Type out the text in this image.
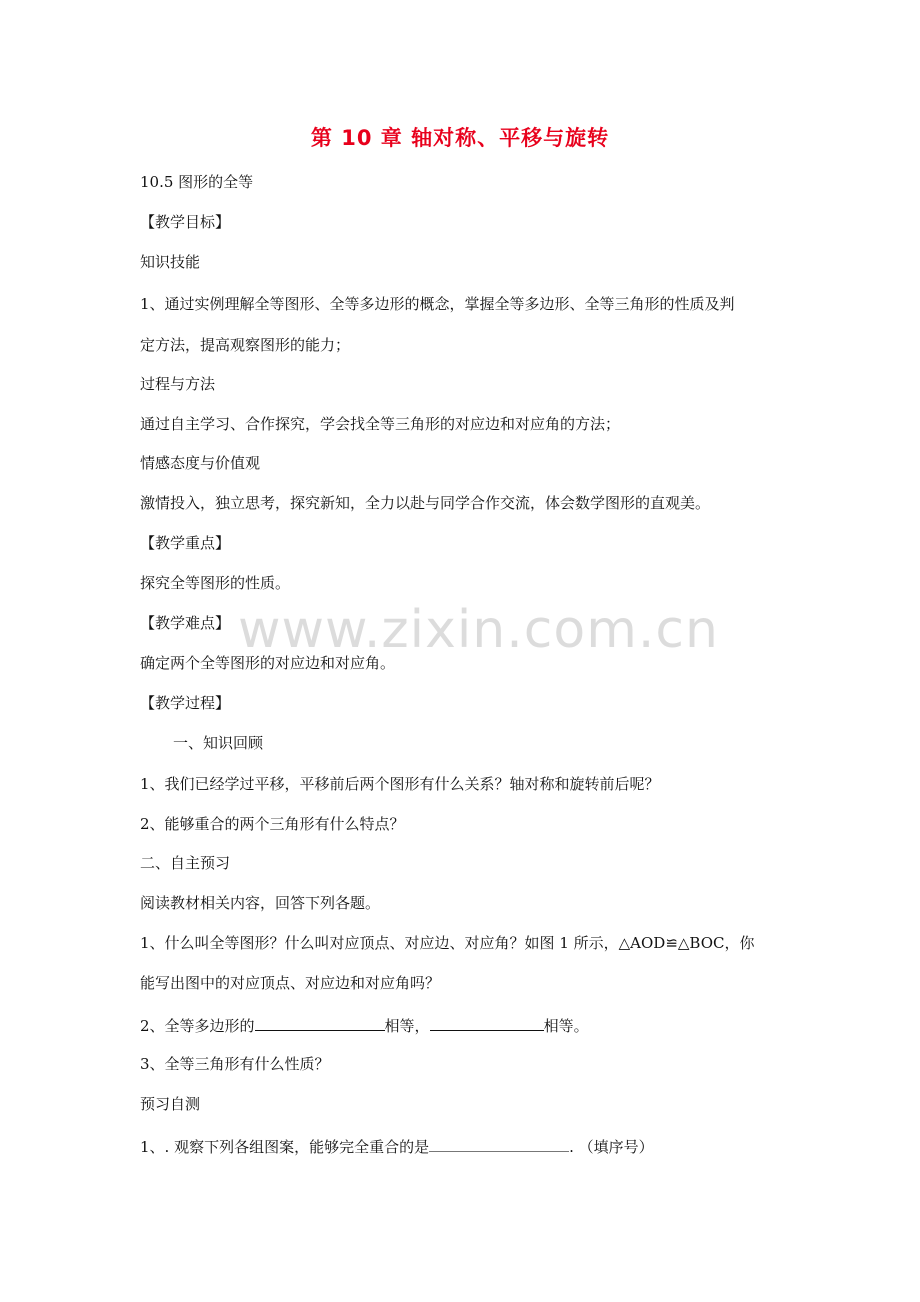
第 10 章 轴对称、平移与旋转
10.5 图形的全等
【教学目标】
知识技能
1、通过实例理解全等图形、全等多边形的概念，掌握全等多边形、全等三角形的性质及判
定方法，提高观察图形的能力；
过程与方法
通过自主学习、合作探究，学会找全等三角形的对应边和对应角的方法；
情感态度与价值观
激情投入，独立思考，探究新知，全力以赴与同学合作交流，体会数学图形的直观美。
【教学重点】
探究全等图形的性质。
【教学难点】
确定两个全等图形的对应边和对应角。
【教学过程】
一、知识回顾
1、我们已经学过平移，平移前后两个图形有什么关系？轴对称和旋转前后呢？
2、能够重合的两个三角形有什么特点？
二、自主预习
阅读教材相关内容，回答下列各题。
1、什么叫全等图形？什么叫对应顶点、对应边、对应角？如图 1 所示，△AOD≌△BOC，你
能写出图中的对应顶点、对应边和对应角吗？
2、全等多边形的	相等，	相等。
3、全等三角形有什么性质？
预习自测
1、. 观察下列各组图案，能够完全重合的是	. （填序号）
www.zixin.com.cn
